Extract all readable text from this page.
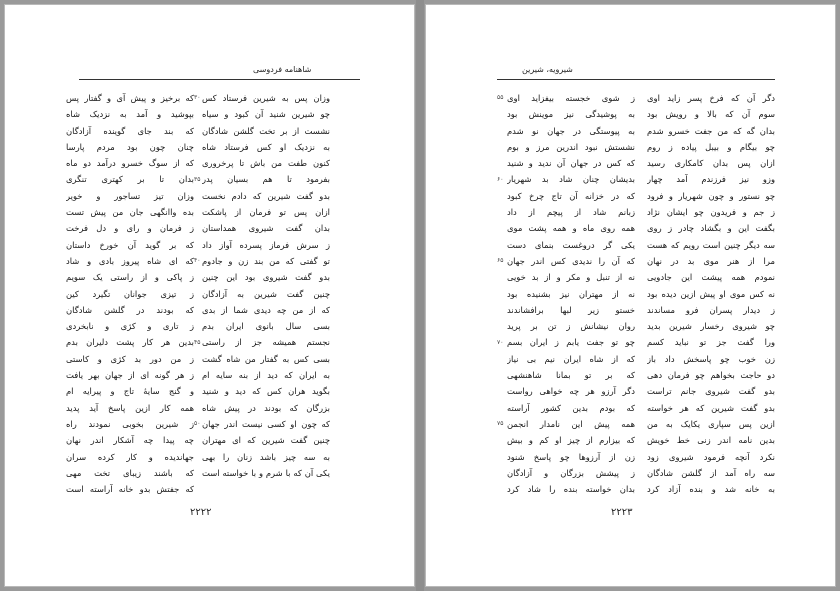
شاهنامه فردوسی
وزان پس به شیرین فرستاد کس
چو شیرین شنید آن کبود و سیاه
نشست از بر تخت گلشن شادگان
به نزدیک او کس فرستاد شاه
کنون طفت من باش تا پرخروری
بفرمود تا هم بسیان پدر
بدو گفت شیرین که دادم نخست
ازان پس تو فرمان از پاشکت
بدان گفت شیروی همداستان
ز سرش فرماز پسرده آواز داد
تو گفتی که من بند زن و جادوم
بدو گفت شیروی بود این چنین
چنین گفت شیرین به آزادگان
که از من چه دیدی شما از بدی
بسی سال بانوی ایران بدم
نجستم همیشه جز از راستی
بسی کس به گفتار من شاه گشت
به ایران که دید از بنه سایه ام
بگوید هران کس که دید و شنید
بزرگان که بودند در پیش شاه
که چون او کسی نیست اندر جهان
چنین گفت شیرین که ای مهتران
به سه چیز باشد زنان را بهی
یکی آن که با شرم و با خواسته است
که برخیز و پیش آی و گفتار پس
بپوشید و آمد به نزدیک شاه
که بند جای گوینده آزادگان
چنان چون بود مردم پارسا
که از سوگ خسرو درآمد دو ماه
بدان تا بر کهتری تنگری
وزان تیز تساجور و خویر
بده واانگهی جان من پیش تست
ز فرمان و رای و دل فرخت
که بر گوید آن خورخ داستان
که ای شاه پیروز بادی و شاد
ز پاکی و از راستی یک سویم
ز تیزی جوانان تگیرد کین
که بودند در گلشن شادگان
ز تاری و کژی و نابخردی
بدین هر کار پشت دلیران بدم
ز من دور بد کژی و کاستی
ز هر گونه ای از جهان بهر یافت
و گنج سایهٔ تاج و پیرایه ام
همه کار ازین پاسخ آید پدید
ز شیرین بخوبی نمودند راه
چه پیدا چه آشکار اندر نهان
جهاندیده و کار کرده سران
که باشند زیبای تخت مهی
که جفتش بدو خانه آراسته است
۳۰
۳۵
۴۰
۴۵
۵۰
۲۲۲۲
شیرویه، شیرین
دگر آن که فرخ پسر زاید اوی
سوم آن که بالا و رویش بود
بدان گه که من جفت خسرو شدم
چو بیگام و بیبل پیاده ز روم
ازان پس بدان کامکاری رسید
وزو نیز فرزندم آمد چهار
چو نستور و چون شهریار و فرود
ز جم و فریدون چو ایشان نژاد
بگفت این و بگشاد چادر ز روی
سه دیگر چنین است رویم که هست
مرا از هنر موی بد در نهان
نمودم همه پیشت این جادویی
نه کس موی او پیش ازین دیده بود
ز دیدار پسران فرو مساندند
چو شیروی رخسار شیرین بدید
ورا گفت جز تو نباید کسم
زن خوب چو پاسخش داد باز
دو حاجت بخواهم چو فرمان دهی
بدو گفت شیروی جانم تراست
بدو گفت شیرین که هر خواسته
ازین پس سپاری یکایک به من
بدین نامه اندر زنی خط خویش
نکرد آنچه فرمود شیروی زود
سه راه آمد از گلشن شادگان
به خانه شد و بنده آزاد کرد
ز شوی خجسته بیفزاید اوی
به پوشیدگی نیز موینش بود
به پیوستگی در جهان نو شدم
نشستش نبود اندرین مرز و بوم
که کس در جهان آن ندید و شنید
بدیشان چنان شاد بد شهریار
که در خزانه آن تاج چرخ کبود
زبانم شاد از پیچم از داد
همه روی ماه و همه پشت موی
یکی گر دروغست بنمای دست
که آن را ندیدی کس اندر جهان
نه از تنبل و مکر و از بد خویی
نه از مهتران نیز بشنیده بود
خستو زیر لبها برافشاندند
روان نیشانش ز تن بر پرید
چو تو جفت یابم ز ایران بسم
که از شاه ایران نیم بی نیاز
که بر تو بمانا شاهنشهی
دگر آرزو هر چه خواهی رواست
که بودم بدین کشور آراسته
همه پیش این نامدار انجمن
که بیزارم از چیز او کم و بیش
زن از آرزوها چو پاسخ شنود
ز پیشش بزرگان و آزادگان
بدان خواسته بنده را شاد کرد
۵۵
۶۰
۶۵
۷۰
۷۵
۲۲۲۳
